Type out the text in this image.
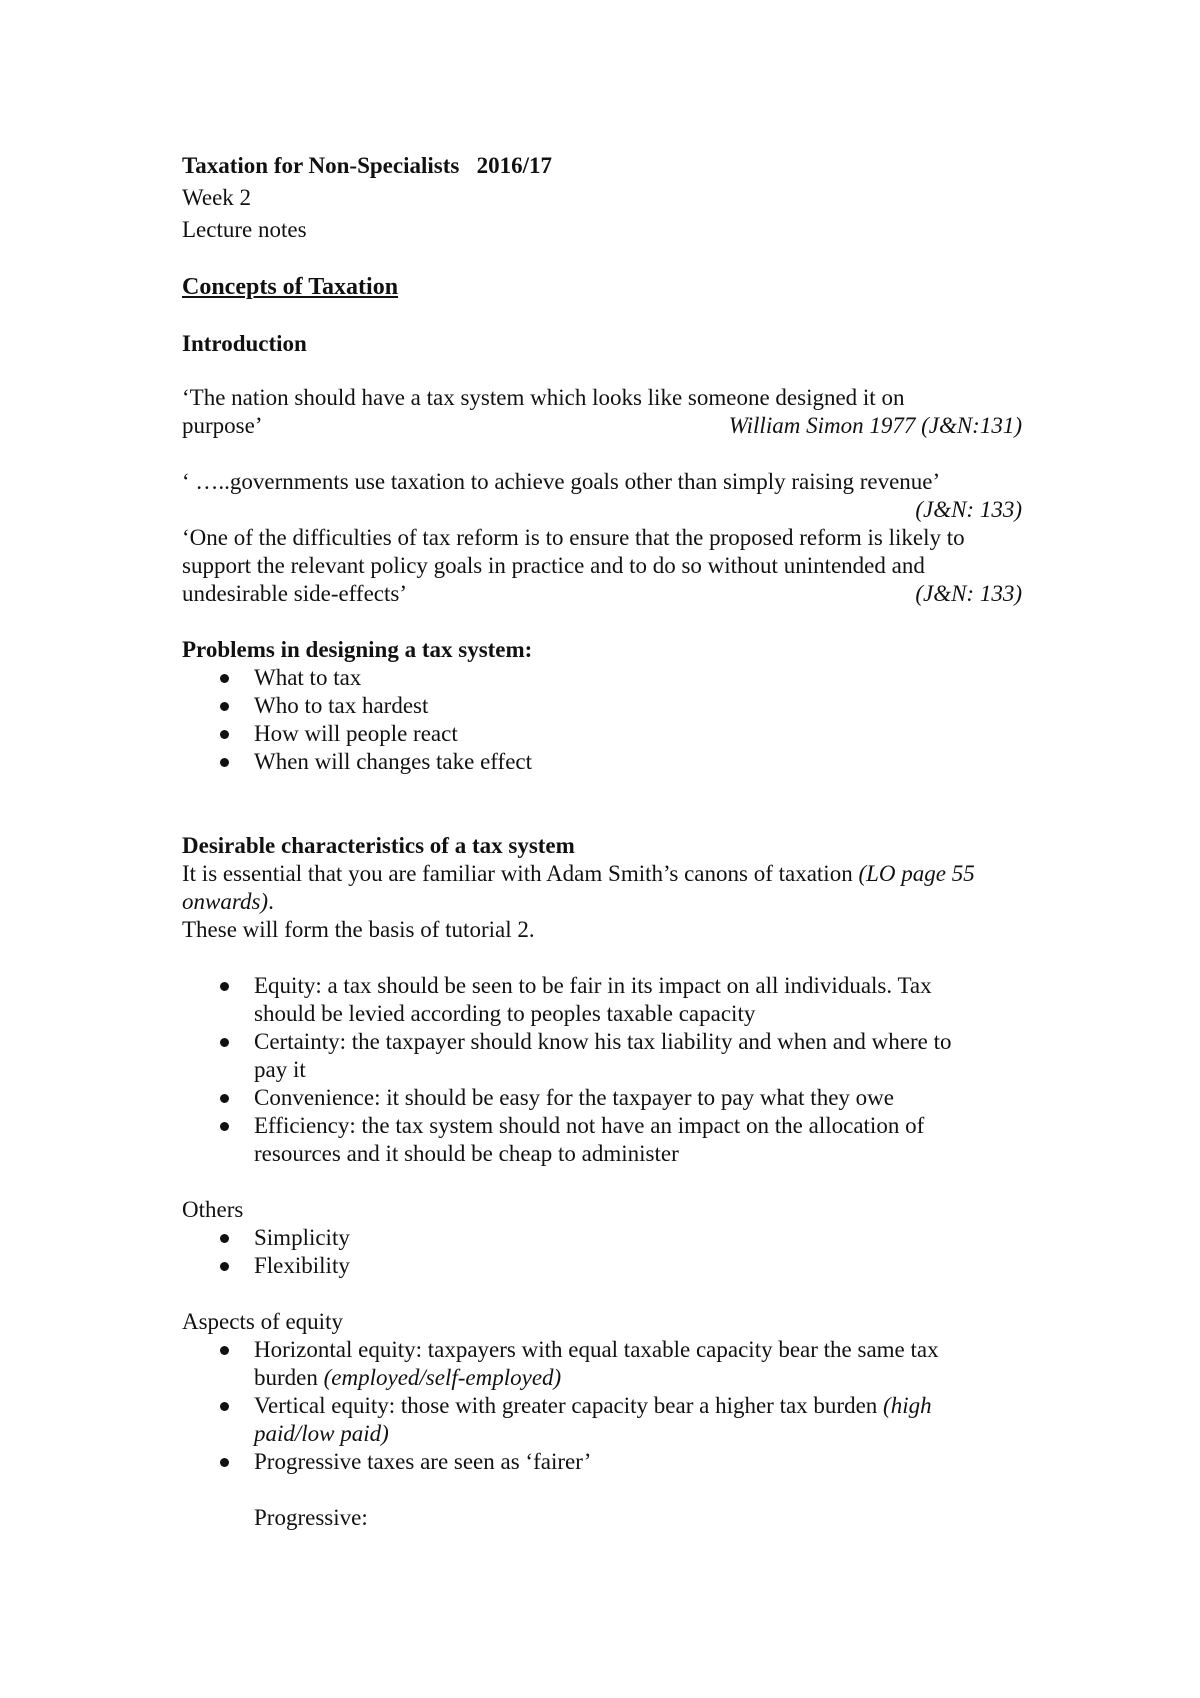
Taxation for Non-Specialists 2016/17
Week 2
Lecture notes
Concepts of Taxation
Introduction
‘The nation should have a tax system which looks like someone designed it on
purpose’	William Simon 1977 (J&N:131)
‘ …..governments use taxation to achieve goals other than simply raising revenue’
(J&N: 133)
‘One of the difficulties of tax reform is to ensure that the proposed reform is likely to
support the relevant policy goals in practice and to do so without unintended and
undesirable side-effects’	(J&N: 133)
Problems in designing a tax system:
What to tax
Who to tax hardest
How will people react
When will changes take effect
Desirable characteristics of a tax system
It is essential that you are familiar with Adam Smith’s canons of taxation (LO page 55
onwards).
These will form the basis of tutorial 2.
Equity: a tax should be seen to be fair in its impact on all individuals. Tax
should be levied according to peoples taxable capacity
Certainty: the taxpayer should know his tax liability and when and where to
pay it
Convenience: it should be easy for the taxpayer to pay what they owe
Efficiency: the tax system should not have an impact on the allocation of
resources and it should be cheap to administer
Others
Simplicity
Flexibility
Aspects of equity
Horizontal equity: taxpayers with equal taxable capacity bear the same tax
burden (employed/self-employed)
Vertical equity: those with greater capacity bear a higher tax burden (high
paid/low paid)
Progressive taxes are seen as ‘fairer’
Progressive:
